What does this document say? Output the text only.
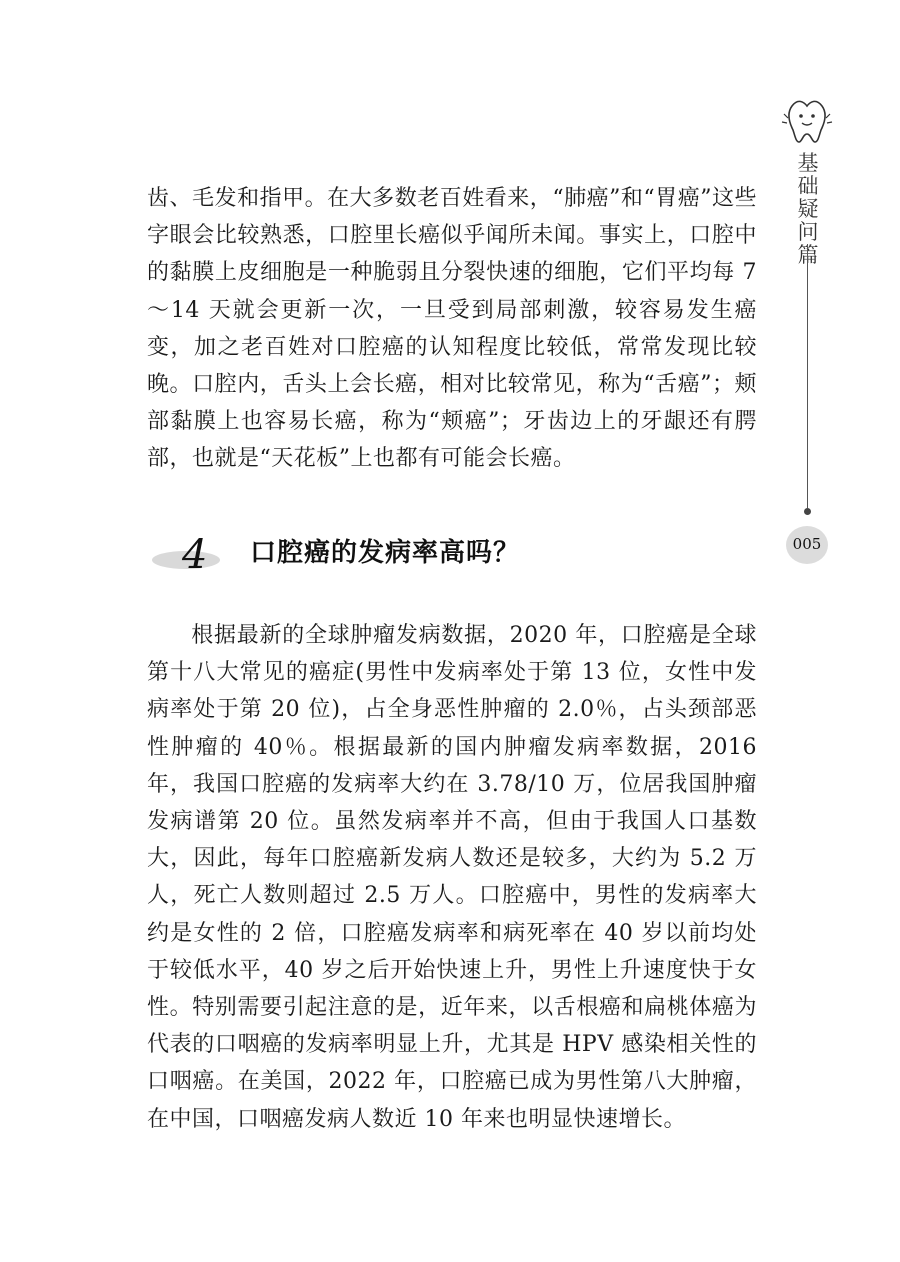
基
础
疑
问
篇
005

齿、毛发和指甲。在大多数老百姓看来，“肺癌”和“胃癌”这些字眼会比较熟悉，口腔里长癌似乎闻所未闻。事实上，口腔中的黏膜上皮细胞是一种脆弱且分裂快速的细胞，它们平均每 7～14 天就会更新一次，一旦受到局部刺激，较容易发生癌变，加之老百姓对口腔癌的认知程度比较低，常常发现比较晚。口腔内，舌头上会长癌，相对比较常见，称为“舌癌”；颊部黏膜上也容易长癌，称为“颊癌”；牙齿边上的牙龈还有腭部，也就是“天花板”上也都有可能会长癌。

4 口腔癌的发病率高吗？

根据最新的全球肿瘤发病数据，2020 年，口腔癌是全球第十八大常见的癌症(男性中发病率处于第 13 位，女性中发病率处于第 20 位)，占全身恶性肿瘤的 2.0％，占头颈部恶性肿瘤的 40％。根据最新的国内肿瘤发病率数据，2016 年，我国口腔癌的发病率大约在 3.78/10 万，位居我国肿瘤发病谱第 20 位。虽然发病率并不高，但由于我国人口基数大，因此，每年口腔癌新发病人数还是较多，大约为 5.2 万人，死亡人数则超过 2.5 万人。口腔癌中，男性的发病率大约是女性的 2 倍，口腔癌发病率和病死率在 40 岁以前均处于较低水平，40 岁之后开始快速上升，男性上升速度快于女性。特别需要引起注意的是，近年来，以舌根癌和扁桃体癌为代表的口咽癌的发病率明显上升，尤其是 HPV 感染相关性的口咽癌。在美国，2022 年，口腔癌已成为男性第八大肿瘤，在中国，口咽癌发病人数近 10 年来也明显快速增长。
